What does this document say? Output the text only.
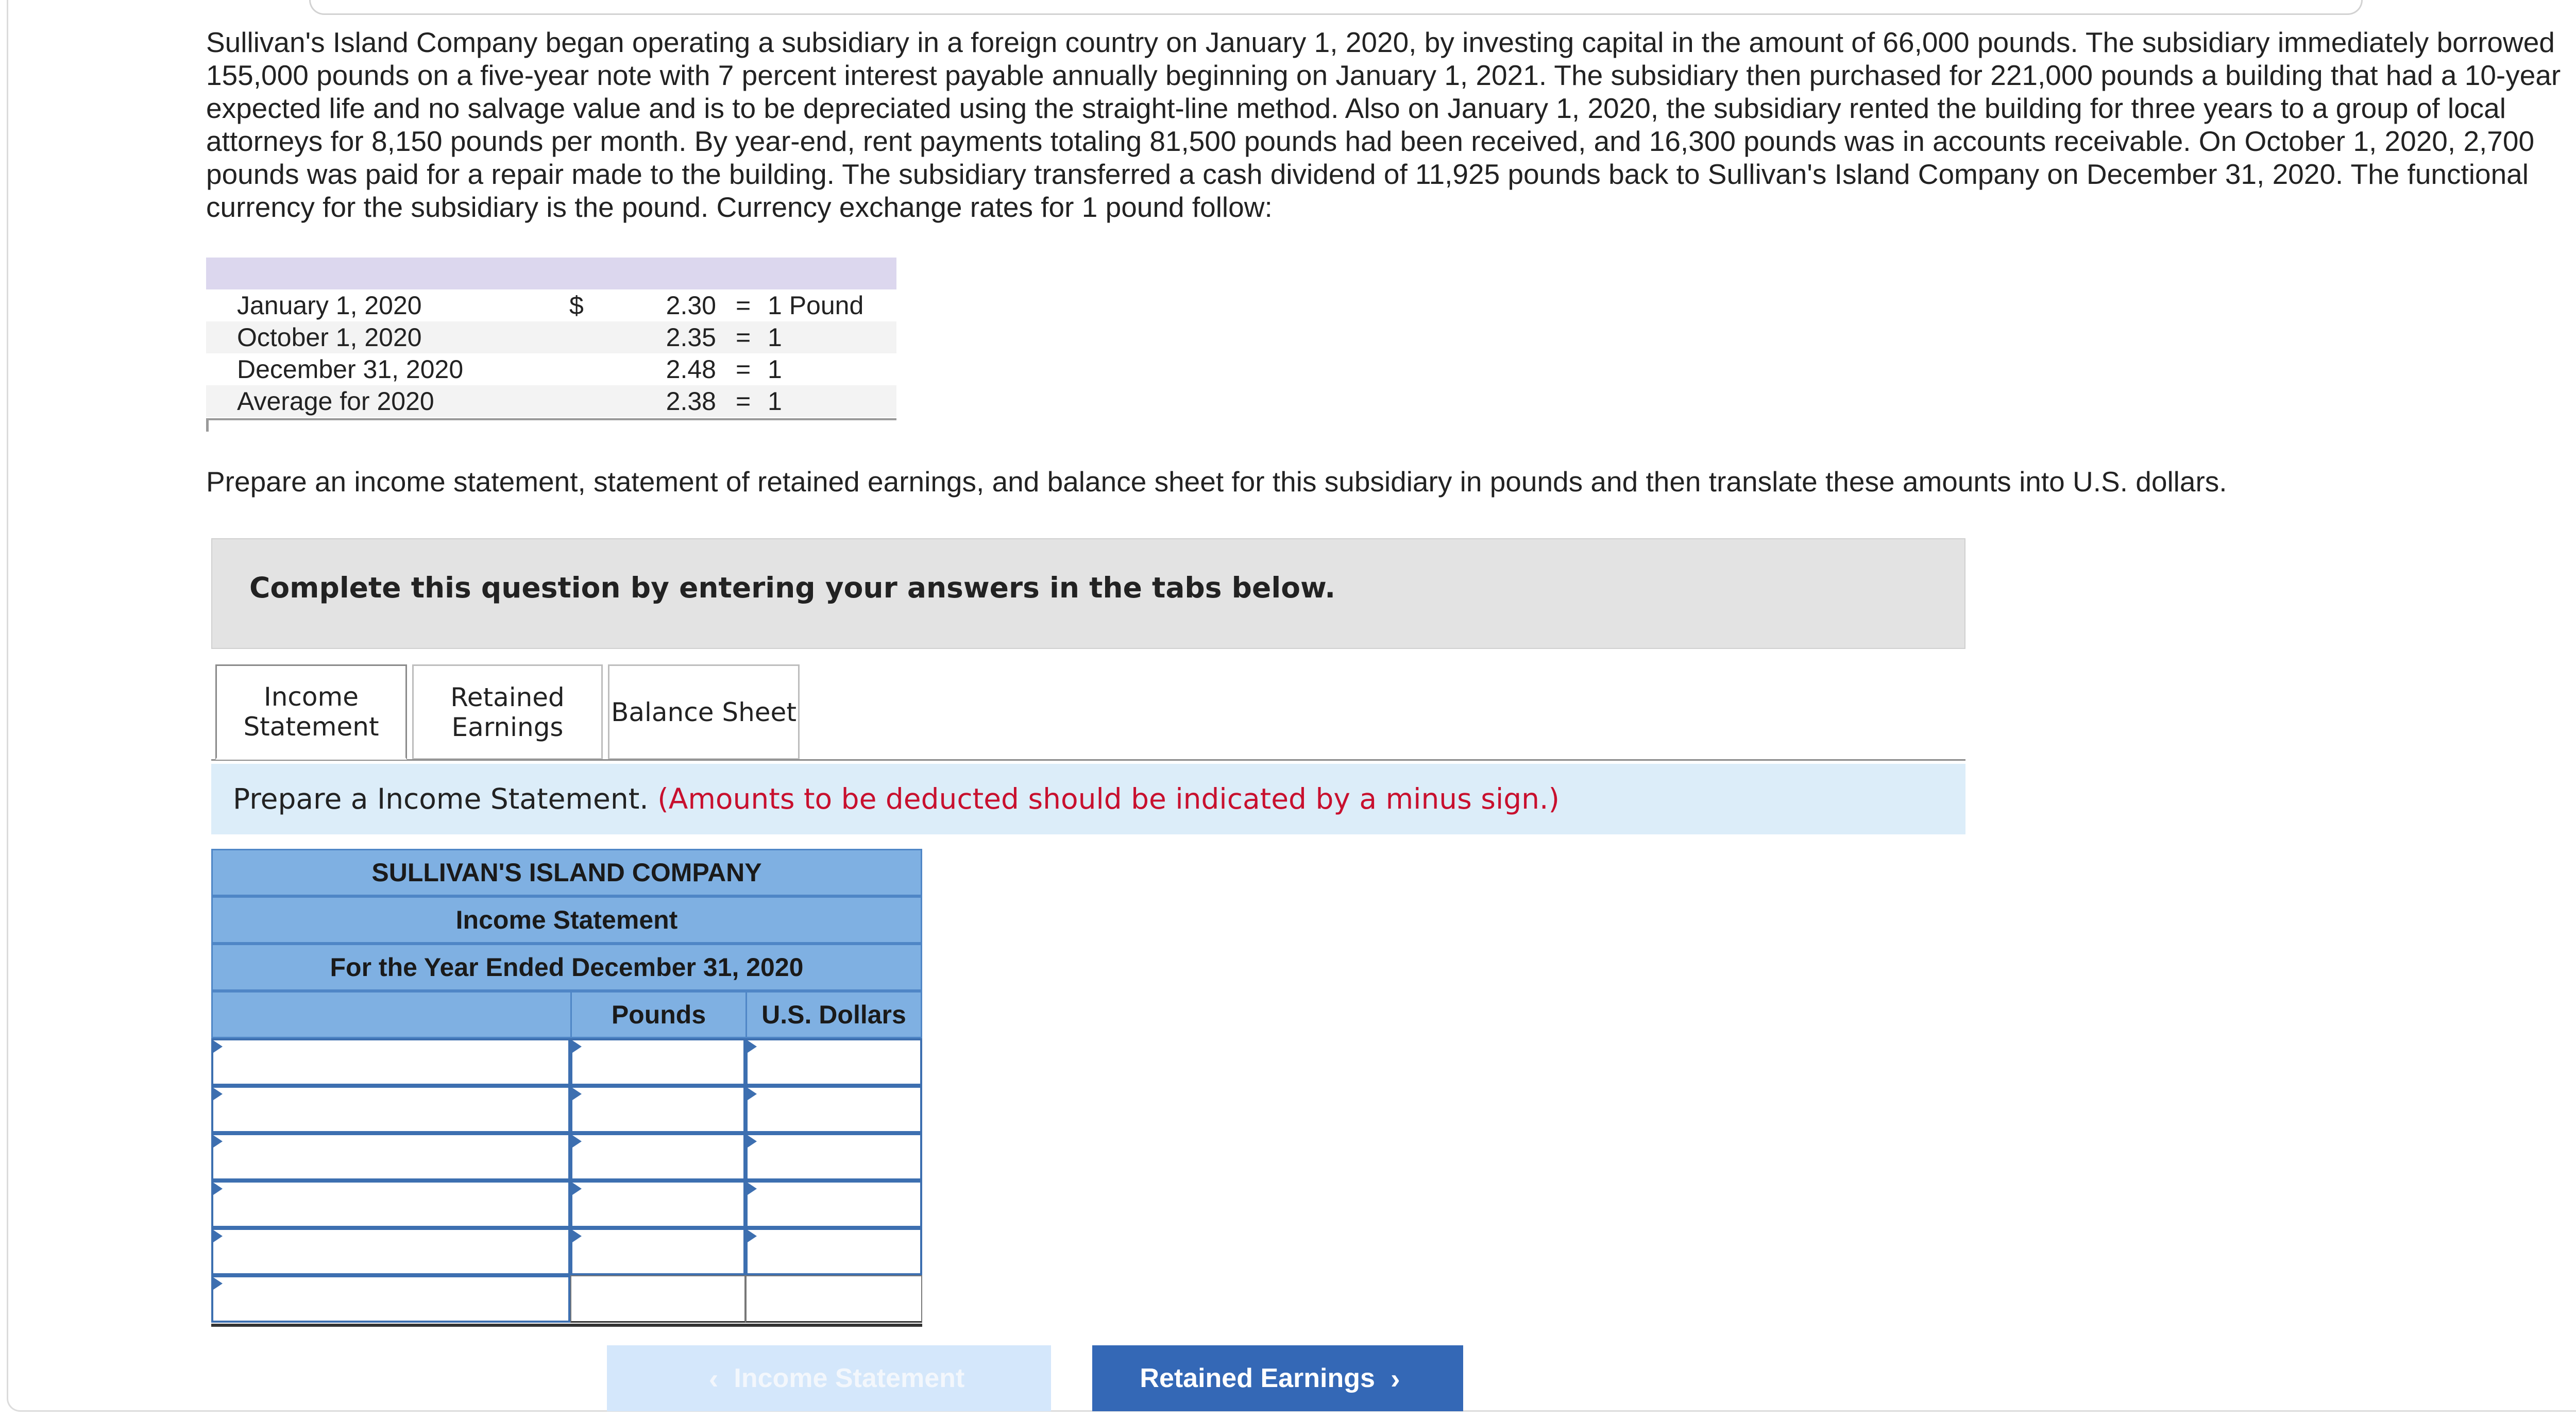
Sullivan's Island Company began operating a subsidiary in a foreign country on January 1, 2020, by investing capital in the amount of 66,000 pounds. The subsidiary immediately borrowed 155,000 pounds on a five-year note with 7 percent interest payable annually beginning on January 1, 2021. The subsidiary then purchased for 221,000 pounds a building that had a 10-year expected life and no salvage value and is to be depreciated using the straight-line method. Also on January 1, 2020, the subsidiary rented the building for three years to a group of local attorneys for 8,150 pounds per month. By year-end, rent payments totaling 81,500 pounds had been received, and 16,300 pounds was in accounts receivable. On October 1, 2020, 2,700 pounds was paid for a repair made to the building. The subsidiary transferred a cash dividend of 11,925 pounds back to Sullivan's Island Company on December 31, 2020. The functional currency for the subsidiary is the pound. Currency exchange rates for 1 pound follow:

January 1, 2020	$	2.30 = 1 Pound
October 1, 2020	2.35 = 1
December 31, 2020	2.48 = 1
Average for 2020	2.38 = 1
Prepare an income statement, statement of retained earnings, and balance sheet for this subsidiary in pounds and then translate these amounts into U.S. dollars.
Complete this question by entering your answers in the tabs below.
Income
Statement
Retained
Earnings Balance Sheet
Prepare a Income Statement. (Amounts to be deducted should be indicated by a minus sign.)
SULLIVAN'S ISLAND COMPANY
Income Statement
For the Year Ended December 31, 2020
Pounds	U.S. Dollars
‹ Income Statement	Retained Earnings ›
